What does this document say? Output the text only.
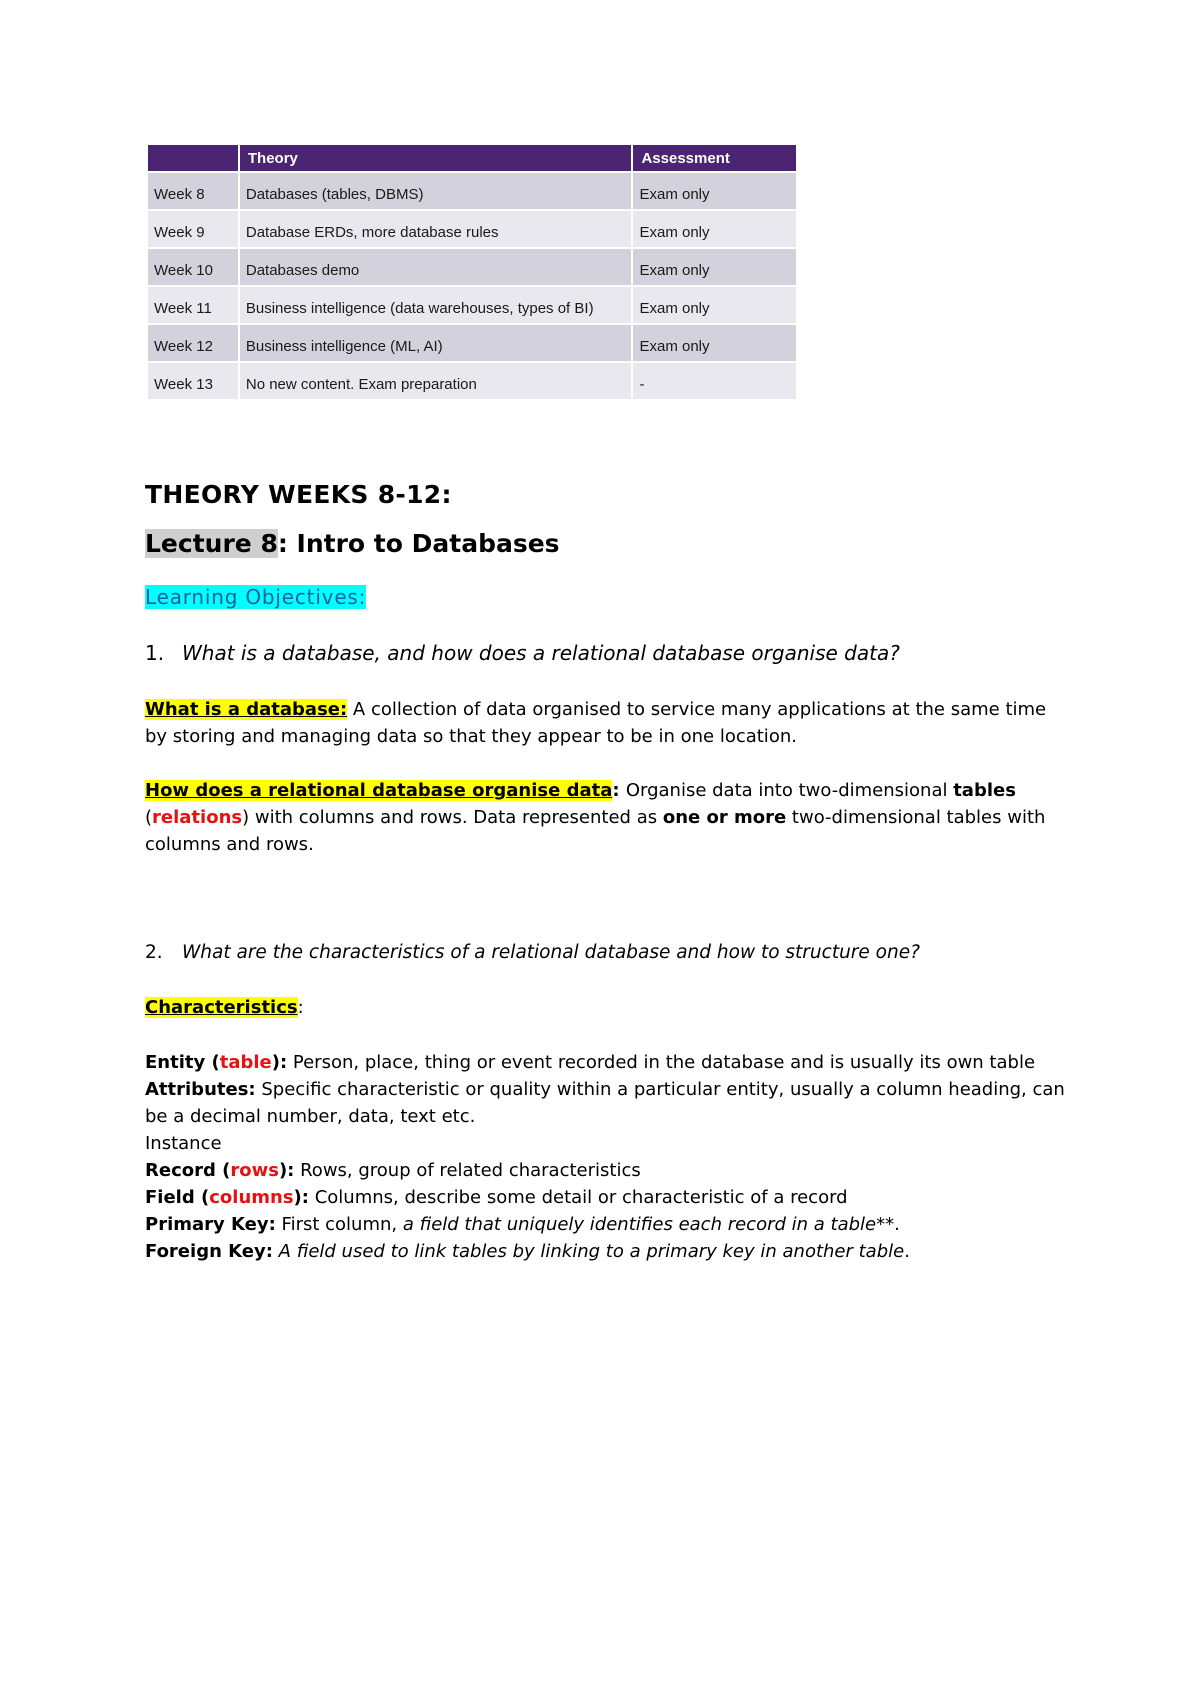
	Theory	Assessment
Week 8	Databases (tables, DBMS)	Exam only
Week 9	Database ERDs, more database rules	Exam only
Week 10	Databases demo	Exam only
Week 11	Business intelligence (data warehouses, types of BI)	Exam only
Week 12	Business intelligence (ML, AI)	Exam only
Week 13	No new content. Exam preparation	-
THEORY WEEKS 8-12:
Lecture 8: Intro to Databases
Learning Objectives:
1. What is a database, and how does a relational database organise data?
What is a database: A collection of data organised to service many applications at the same time by storing and managing data so that they appear to be in one location.
How does a relational database organise data: Organise data into two-dimensional tables
(relations) with columns and rows. Data represented as one or more two-dimensional tables with columns and rows.
2. What are the characteristics of a relational database and how to structure one?
Characteristics:
Entity (table): Person, place, thing or event recorded in the database and is usually its own table
Attributes: Specific characteristic or quality within a particular entity, usually a column heading, can be a decimal number, data, text etc.
Instance
Record (rows): Rows, group of related characteristics
Field (columns): Columns, describe some detail or characteristic of a record
Primary Key: First column, a field that uniquely identifies each record in a table**.
Foreign Key: A field used to link tables by linking to a primary key in another table.
